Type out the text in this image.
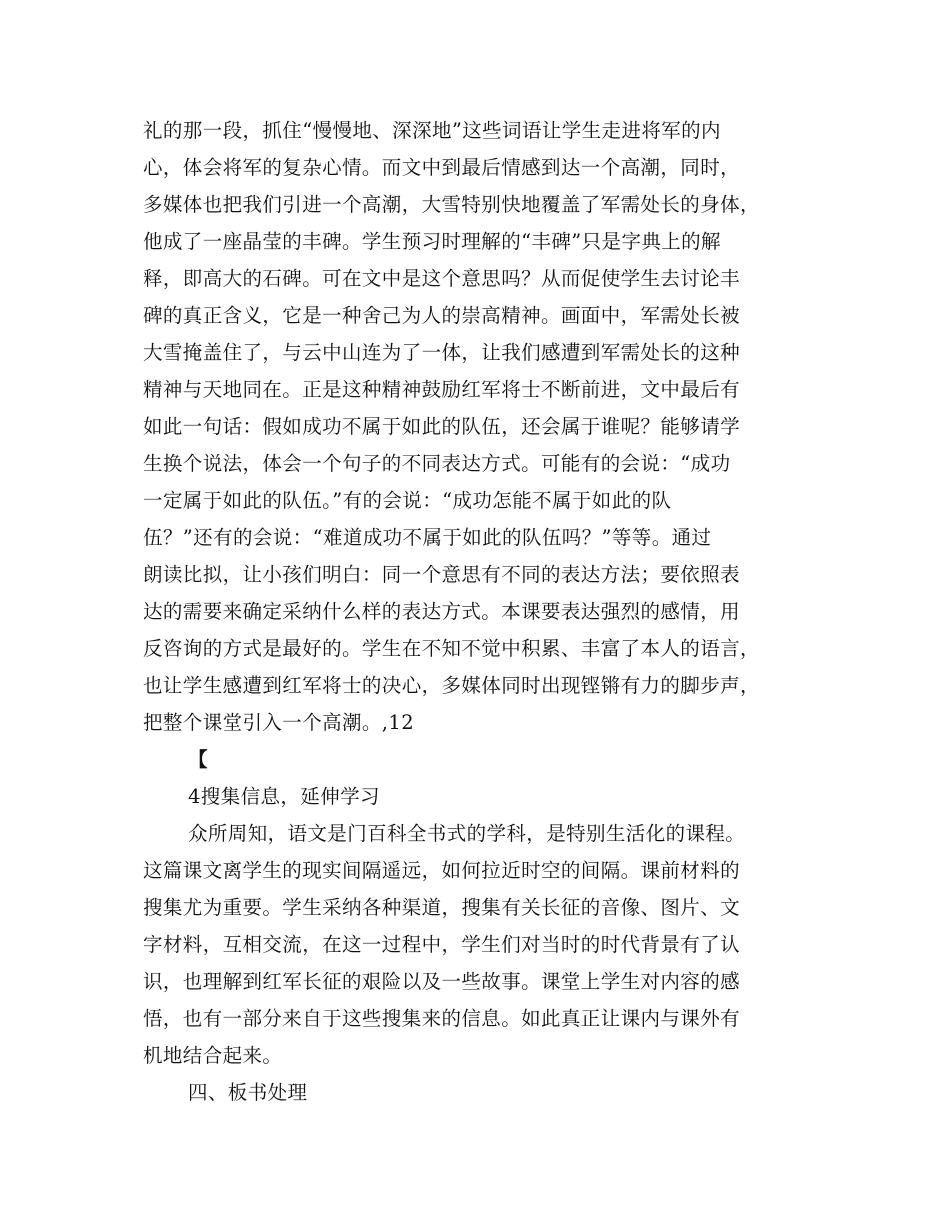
礼的那一段，抓住“慢慢地、深深地”这些词语让学生走进将军的内
心，体会将军的复杂心情。而文中到最后情感到达一个高潮，同时，
多媒体也把我们引进一个高潮，大雪特别快地覆盖了军需处长的身体，
他成了一座晶莹的丰碑。学生预习时理解的“丰碑”只是字典上的解
释，即高大的石碑。可在文中是这个意思吗？从而促使学生去讨论丰
碑的真正含义，它是一种舍己为人的崇高精神。画面中，军需处长被
大雪掩盖住了，与云中山连为了一体，让我们感遭到军需处长的这种
精神与天地同在。正是这种精神鼓励红军将士不断前进，文中最后有
如此一句话：假如成功不属于如此的队伍，还会属于谁呢？能够请学
生换个说法，体会一个句子的不同表达方式。可能有的会说：“成功
一定属于如此的队伍。”有的会说：“成功怎能不属于如此的队
伍？”还有的会说：“难道成功不属于如此的队伍吗？”等等。通过
朗读比拟，让小孩们明白：同一个意思有不同的表达方法；要依照表
达的需要来确定采纳什么样的表达方式。本课要表达强烈的感情，用
反咨询的方式是最好的。学生在不知不觉中积累、丰富了本人的语言，
也让学生感遭到红军将士的决心，多媒体同时出现铿锵有力的脚步声，
把整个课堂引入一个高潮。,12
【
4搜集信息，延伸学习
众所周知，语文是门百科全书式的学科，是特别生活化的课程。
这篇课文离学生的现实间隔遥远，如何拉近时空的间隔。课前材料的
搜集尤为重要。学生采纳各种渠道，搜集有关长征的音像、图片、文
字材料，互相交流，在这一过程中，学生们对当时的时代背景有了认
识，也理解到红军长征的艰险以及一些故事。课堂上学生对内容的感
悟，也有一部分来自于这些搜集来的信息。如此真正让课内与课外有
机地结合起来。
四、板书处理
